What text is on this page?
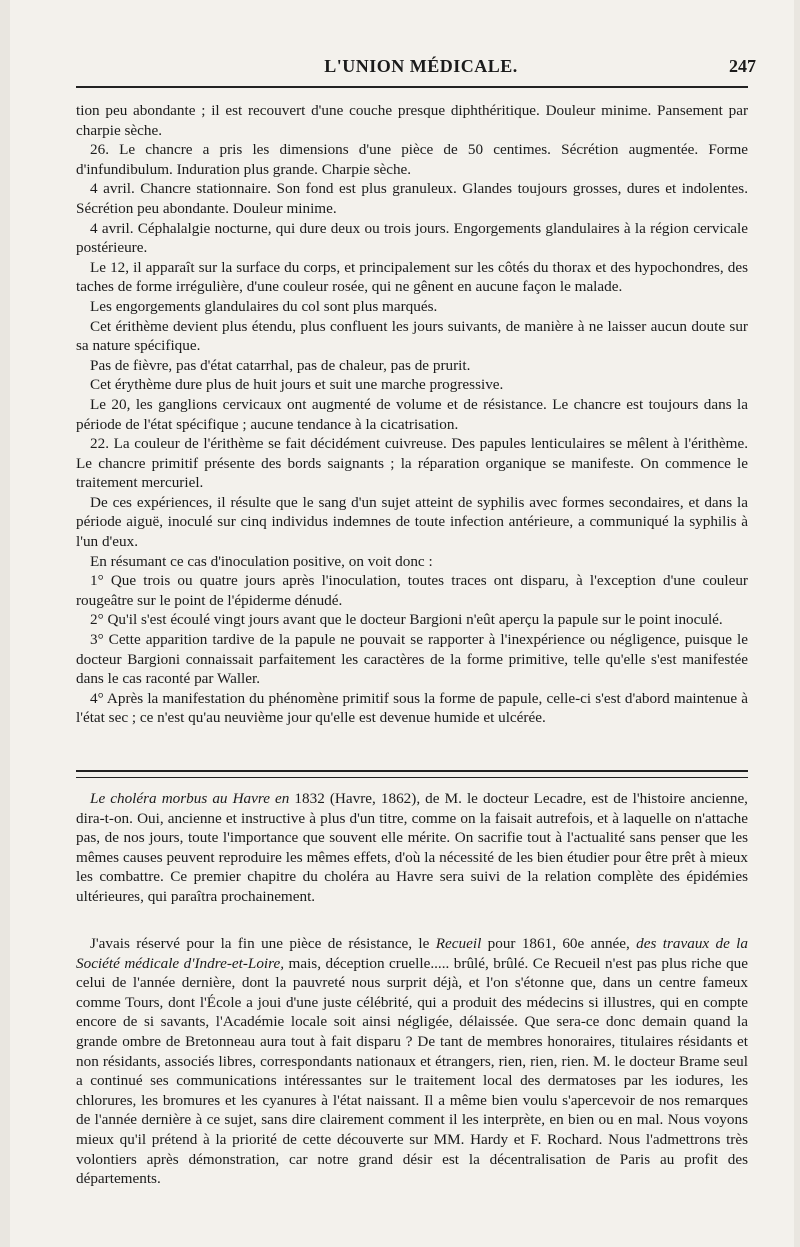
L'UNION MÉDICALE.	247

tion peu abondante ; il est recouvert d'une couche presque diphthéritique. Douleur minime. Pansement par charpie sèche.

26. Le chancre a pris les dimensions d'une pièce de 50 centimes. Sécrétion augmentée. Forme d'infundibulum. Induration plus grande. Charpie sèche.

4 avril. Chancre stationnaire. Son fond est plus granuleux. Glandes toujours grosses, dures et indolentes. Sécrétion peu abondante. Douleur minime.

4 avril. Céphalalgie nocturne, qui dure deux ou trois jours. Engorgements glandulaires à la région cervicale postérieure.

Le 12, il apparaît sur la surface du corps, et principalement sur les côtés du thorax et des hypochondres, des taches de forme irrégulière, d'une couleur rosée, qui ne gênent en aucune façon le malade.

Les engorgements glandulaires du col sont plus marqués.

Cet érithème devient plus étendu, plus confluent les jours suivants, de manière à ne laisser aucun doute sur sa nature spécifique.

Pas de fièvre, pas d'état catarrhal, pas de chaleur, pas de prurit.

Cet érythème dure plus de huit jours et suit une marche progressive.

Le 20, les ganglions cervicaux ont augmenté de volume et de résistance. Le chancre est toujours dans la période de l'état spécifique ; aucune tendance à la cicatrisation.

22. La couleur de l'érithème se fait décidément cuivreuse. Des papules lenticulaires se mêlent à l'érithème. Le chancre primitif présente des bords saignants ; la réparation organique se manifeste. On commence le traitement mercuriel.

De ces expériences, il résulte que le sang d'un sujet atteint de syphilis avec formes secondaires, et dans la période aiguë, inoculé sur cinq individus indemnes de toute infection antérieure, a communiqué la syphilis à l'un d'eux.

En résumant ce cas d'inoculation positive, on voit donc :

1° Que trois ou quatre jours après l'inoculation, toutes traces ont disparu, à l'exception d'une couleur rougeâtre sur le point de l'épiderme dénudé.

2° Qu'il s'est écoulé vingt jours avant que le docteur Bargioni n'eût aperçu la papule sur le point inoculé.

3° Cette apparition tardive de la papule ne pouvait se rapporter à l'inexpérience ou négligence, puisque le docteur Bargioni connaissait parfaitement les caractères de la forme primitive, telle qu'elle s'est manifestée dans le cas raconté par Waller.

4° Après la manifestation du phénomène primitif sous la forme de papule, celle-ci s'est d'abord maintenue à l'état sec ; ce n'est qu'au neuvième jour qu'elle est devenue humide et ulcérée.

Le choléra morbus au Havre en 1832 (Havre, 1862), de M. le docteur Lecadre, est de l'histoire ancienne, dira-t-on. Oui, ancienne et instructive à plus d'un titre, comme on la faisait autrefois, et à laquelle on n'attache pas, de nos jours, toute l'importance que souvent elle mérite. On sacrifie tout à l'actualité sans penser que les mêmes causes peuvent reproduire les mêmes effets, d'où la nécessité de les bien étudier pour être prêt à mieux les combattre. Ce premier chapitre du choléra au Havre sera suivi de la relation complète des épidémies ultérieures, qui paraîtra prochainement.

J'avais réservé pour la fin une pièce de résistance, le Recueil pour 1861, 60e année, des travaux de la Société médicale d'Indre-et-Loire, mais, déception cruelle..... brûlé, brûlé. Ce Recueil n'est pas plus riche que celui de l'année dernière, dont la pauvreté nous surprit déjà, et l'on s'étonne que, dans un centre fameux comme Tours, dont l'École a joui d'une juste célébrité, qui a produit des médecins si illustres, qui en compte encore de si savants, l'Académie locale soit ainsi négligée, délaissée. Que sera-ce donc demain quand la grande ombre de Bretonneau aura tout à fait disparu ? De tant de membres honoraires, titulaires résidants et non résidants, associés libres, correspondants nationaux et étrangers, rien, rien, rien. M. le docteur Brame seul a continué ses communications intéressantes sur le traitement local des dermatoses par les iodures, les chlorures, les bromures et les cyanures à l'état naissant. Il a même bien voulu s'apercevoir de nos remarques de l'année dernière à ce sujet, sans dire clairement comment il les interprète, en bien ou en mal. Nous voyons mieux qu'il prétend à la priorité de cette découverte sur MM. Hardy et F. Rochard. Nous l'admettrons très volontiers après démonstration, car notre grand désir est la décentralisation de Paris au profit des départements.
